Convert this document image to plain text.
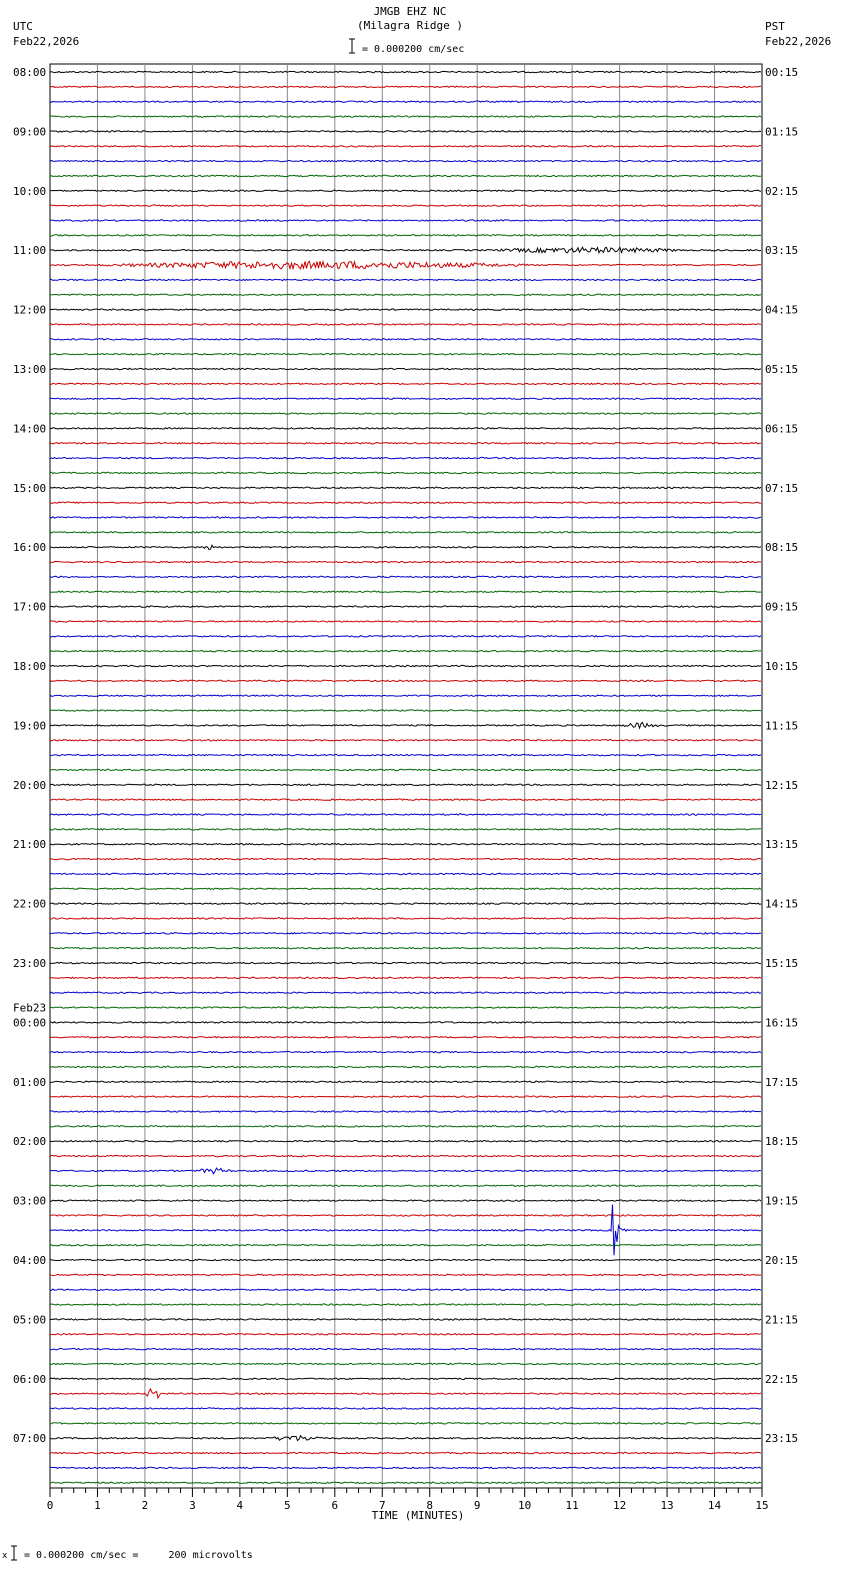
08:00
09:00
10:00
11:00
12:00
13:00
14:00
15:00
16:00
17:00
18:00
19:00
20:00
21:00
22:00
23:00
00:00
Feb23
01:00
02:00
03:00
04:00
05:00
06:00
07:00
00:15
01:15
02:15
03:15
04:15
05:15
06:15
07:15
08:15
09:15
10:15
11:15
12:15
13:15
14:15
15:15
16:15
17:15
18:15
19:15
20:15
21:15
22:15
23:15
0	1	2	3	4	5	6	7	8	9	10	11	12	13	14	15
JMGB EHZ NC
(Milagra Ridge )
UTC
Feb22,2026
PST
Feb22,2026
= 0.000200 cm/sec
TIME (MINUTES)
x = 0.000200 cm/sec =     200 microvolts
